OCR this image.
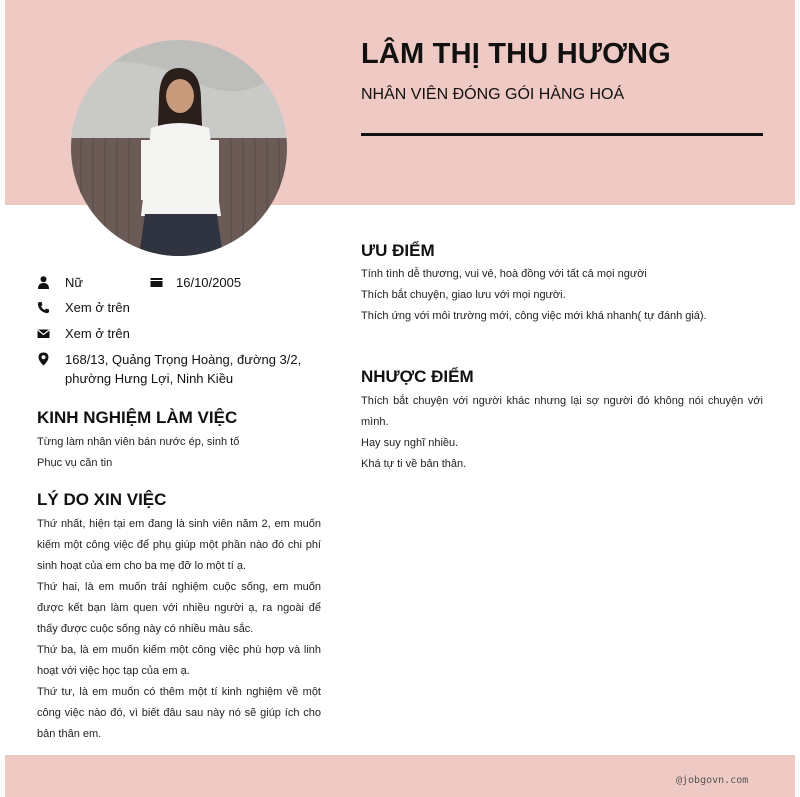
LÂM THỊ THU HƯƠNG
NHÂN VIÊN ĐÓNG GÓI HÀNG HOÁ
Nữ	16/10/2005
Xem ở trên
Xem ở trên
168/13, Quảng Trọng Hoàng, đường 3/2,
phường Hưng Lợi, Ninh Kiều
KINH NGHIỆM LÀM VIỆC

Từng làm nhân viên bán nước ép, sinh tố

Phục vụ căn tin

LÝ DO XIN VIỆC

Thứ nhất, hiện tại em đang là sinh viên năm 2, em muốn kiếm một công việc để phụ giúp một phần nào đó chi phí sinh hoạt của em cho ba mẹ đỡ lo một tí ạ.

Thứ hai, là em muốn trải nghiệm cuộc sống, em muốn được kết bạn làm quen với nhiều người ạ, ra ngoài để thấy được cuộc sống này có nhiều màu sắc.

Thứ ba, là em muốn kiếm một công việc phù hợp và linh hoạt với việc học tạp của em ạ.

Thứ tư, là em muốn có thêm một tí kinh nghiệm về một công việc nào đó, vì biết đâu sau này nó sẽ giúp ích cho bản thân em.

ƯU ĐIỂM

Tính tình dễ thương, vui vẻ, hoà đồng với tất cả mọi người

Thích bắt chuyện, giao lưu với mọi người.

Thích ứng với môi trường mới, công việc mới khá nhanh( tự đánh giá).

NHƯỢC ĐIỂM

Thích bắt chuyện với người khác nhưng lại sợ người đó không nói chuyện với mình.

Hay suy nghĩ nhiều.

Khá tự ti về bản thân.

@jobgovn.com
